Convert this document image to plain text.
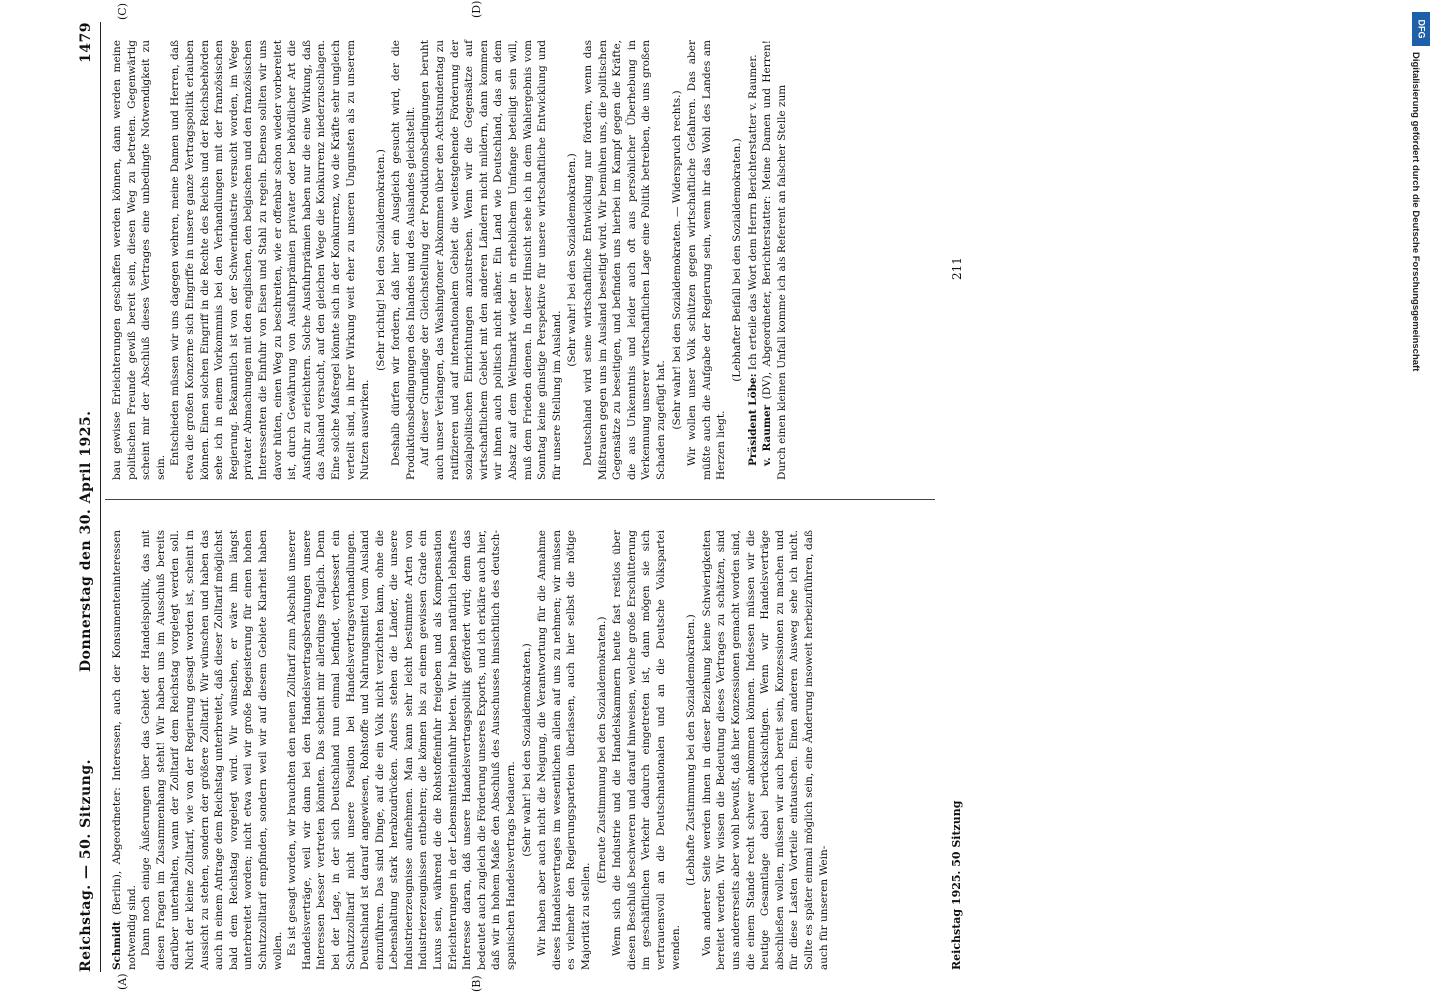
Reichstag. — 50. Sitzung.
Donnerstag den 30. April 1925.
1479
(A)	(B)
(C)	(D)

Schmidt (Berlin), Abgeordneter: Interessen, auch der Konsumenteninteressen notwendig sind. Dann noch einige Äußerungen über das Gebiet der Handelspolitik, das mit diesen Fragen im Zusammenhang steht! Wir haben uns im Ausschuß bereits darüber unterhalten, wann der Zolltarif dem Reichstag vorgelegt werden soll. Nicht der kleine Zolltarif, wie von der Regierung gesagt worden ist, scheint in Aussicht zu stehen, sondern der größere Zolltarif. Wir wünschen und haben das auch in einem Antrage dem Reichstag unterbreitet, daß dieser Zolltarif möglichst bald dem Reichstag vorgelegt wird. Wir wünschen, er wäre ihm längst unterbreitet worden; nicht etwa weil wir große Begeisterung für einen hohen Schutzzolltarif empfinden, sondern weil wir auf diesem Gebiete Klarheit haben wollen. Es ist gesagt worden, wir brauchten den neuen Zolltarif zum Abschluß unserer Handelsverträge, weil wir dann bei den Handelsvertragsberatungen unsere Interessen besser vertreten könnten. Das scheint mir allerdings fraglich. Denn bei der Lage, in der sich Deutschland nun einmal befindet, verbessert ein Schutzzolltarif nicht unsere Position bei Handelsvertragsverhandlungen. Deutschland ist darauf angewiesen, Rohstoffe und Nahrungsmittel vom Ausland einzuführen. Das sind Dinge, auf die ein Volk nicht verzichten kann, ohne die Lebenshaltung stark herabzudrücken. Anders stehen die Länder, die unsere Industrieerzeugnisse aufnehmen. Man kann sehr leicht bestimmte Arten von Industrieerzeugnissen entbehren; die können bis zu einem gewissen Grade ein Luxus sein, während die die Rohstoffeinfuhr freigeben und als Kompensation Erleichterungen in der Lebensmitteleinfuhr bieten. Wir haben natürlich lebhaftes Interesse daran, daß unsere Handelsvertragspolitik gefördert wird; denn das bedeutet auch zugleich die Förderung unseres Exports, und ich erkläre auch hier, daß wir in hohem Maße den Abschluß des Ausschusses hinsichtlich des deutsch-spanischen Handelsvertrags bedauern.

(Sehr wahr! bei den Sozialdemokraten.) Wir haben aber auch nicht die Neigung, die Verantwortung für die Annahme dieses Handelsvertrages im wesentlichen allein auf uns zu nehmen; wir müssen es vielmehr den Regierungsparteien überlassen, auch hier selbst die nötige Majorität zu stellen.

(Erneute Zustimmung bei den Sozialdemokraten.) Wenn sich die Industrie und die Handelskammern heute fast restlos über diesen Beschluß beschweren und darauf hinweisen, welche große Erschütterung im geschäftlichen Verkehr dadurch eingetreten ist, dann mögen sie sich vertrauensvoll an die Deutschnationalen und an die Deutsche Volkspartei wenden.

(Lebhafte Zustimmung bei den Sozialdemokraten.) Von anderer Seite werden ihnen in dieser Beziehung keine Schwierigkeiten bereitet werden. Wir wissen die Bedeutung dieses Vertrages zu schätzen, sind uns andererseits aber wohl bewußt, daß hier Konzessionen gemacht worden sind, die einem Stande recht schwer ankommen können. Indessen müssen wir die heutige Gesamtlage dabei berücksichtigen. Wenn wir Handelsverträge abschließen wollen, müssen wir auch bereit sein, Konzessionen zu machen und für diese Lasten Vorteile eintauschen. Einen anderen Ausweg sehe ich nicht. Sollte es später einmal möglich sein, eine Änderung insoweit herbeizuführen, daß auch für unseren Wein-

bau gewisse Erleichterungen geschaffen werden können, dann werden meine politischen Freunde gewiß bereit sein, diesen Weg zu betreten. Gegenwärtig scheint mir der Abschluß dieses Vertrages eine unbedingte Notwendigkeit zu sein.

Entschieden müssen wir uns dagegen wehren, meine Damen und Herren, daß etwa die großen Konzerne sich Eingriffe in unsere ganze Vertragspolitik erlauben können. Einen solchen Eingriff in die Rechte des Reichs und der Reichsbehörden sehe ich in einem Vorkommnis bei den Verhandlungen mit der französischen Regierung. Bekanntlich ist von der Schwerindustrie versucht worden, im Wege privater Abmachungen mit den englischen, den belgischen und den französischen Interessenten die Einfuhr von Eisen und Stahl zu regeln. Ebenso sollten wir uns davor hüten, einen Weg zu beschreiten, wie er offenbar schon wieder vorbereitet ist, durch Gewährung von Ausfuhrprämien privater oder behördlicher Art die Ausfuhr zu erleichtern. Solche Ausfuhrprämien haben nur die eine Wirkung, daß das Ausland versucht, auf den gleichen Wege die Konkurrenz niederzuschlagen. Eine solche Maßregel könnte sich in der Konkurrenz, wo die Kräfte sehr ungleich verteilt sind, in ihrer Wirkung weit eher zu unseren Ungunsten als zu unserem Nutzen auswirken.

(Sehr richtig! bei den Sozialdemokraten.) Deshalb dürfen wir fordern, daß hier ein Ausgleich gesucht wird, der die Produktionsbedingungen des Inlandes und des Auslandes gleichstellt. Auf dieser Grundlage der Gleichstellung der Produktionsbedingungen beruht auch unser Verlangen, das Washingtoner Abkommen über den Achtstundentag zu ratifizieren und auf internationalem Gebiet die weitestgehende Förderung der sozialpolitischen Einrichtungen anzustreben. Wenn wir die Gegensätze auf wirtschaftlichem Gebiet mit den anderen Ländern nicht mildern, dann kommen wir ihnen auch politisch nicht näher. Ein Land wie Deutschland, das an dem Absatz auf dem Weltmarkt wieder in erheblichem Umfange beteiligt sein will, muß dem Frieden dienen. In dieser Hinsicht sehe ich in dem Wahlergebnis vom Sonntag keine günstige Perspektive für unsere wirtschaftliche Entwicklung und für unsere Stellung im Ausland.

(Sehr wahr! bei den Sozialdemokraten.) Deutschland wird seine wirtschaftliche Entwicklung nur fördern, wenn das Mißtrauen gegen uns im Ausland beseitigt wird. Wir bemühen uns, die politischen Gegensätze zu beseitigen, und befinden uns hierbei im Kampf gegen die Kräfte, die aus Unkenntnis und leider auch oft aus persönlicher Überhebung in Verkennung unserer wirtschaftlichen Lage eine Politik betreiben, die uns großen Schaden zugefügt hat. (Sehr wahr! bei den Sozialdemokraten. — Widerspruch rechts.) Wir wollen unser Volk schützen gegen wirtschaftliche Gefahren. Das aber müßte auch die Aufgabe der Regierung sein, wenn ihr das Wohl des Landes am Herzen liegt.

(Lebhafter Beifall bei den Sozialdemokraten.)

Präsident Löbe: Ich erteile das Wort dem Herrn Berichterstatter v. Raumer.

v. Raumer (DV), Abgeordneter, Berichterstatter: Meine Damen und Herren! Durch einen kleinen Unfall komme ich als Referent an falscher Stelle zum

Reichstag 1925. 50 Sitzung
211
DFG
Digitalisierung gefördert durch die Deutsche Forschungsgemeinschaft
